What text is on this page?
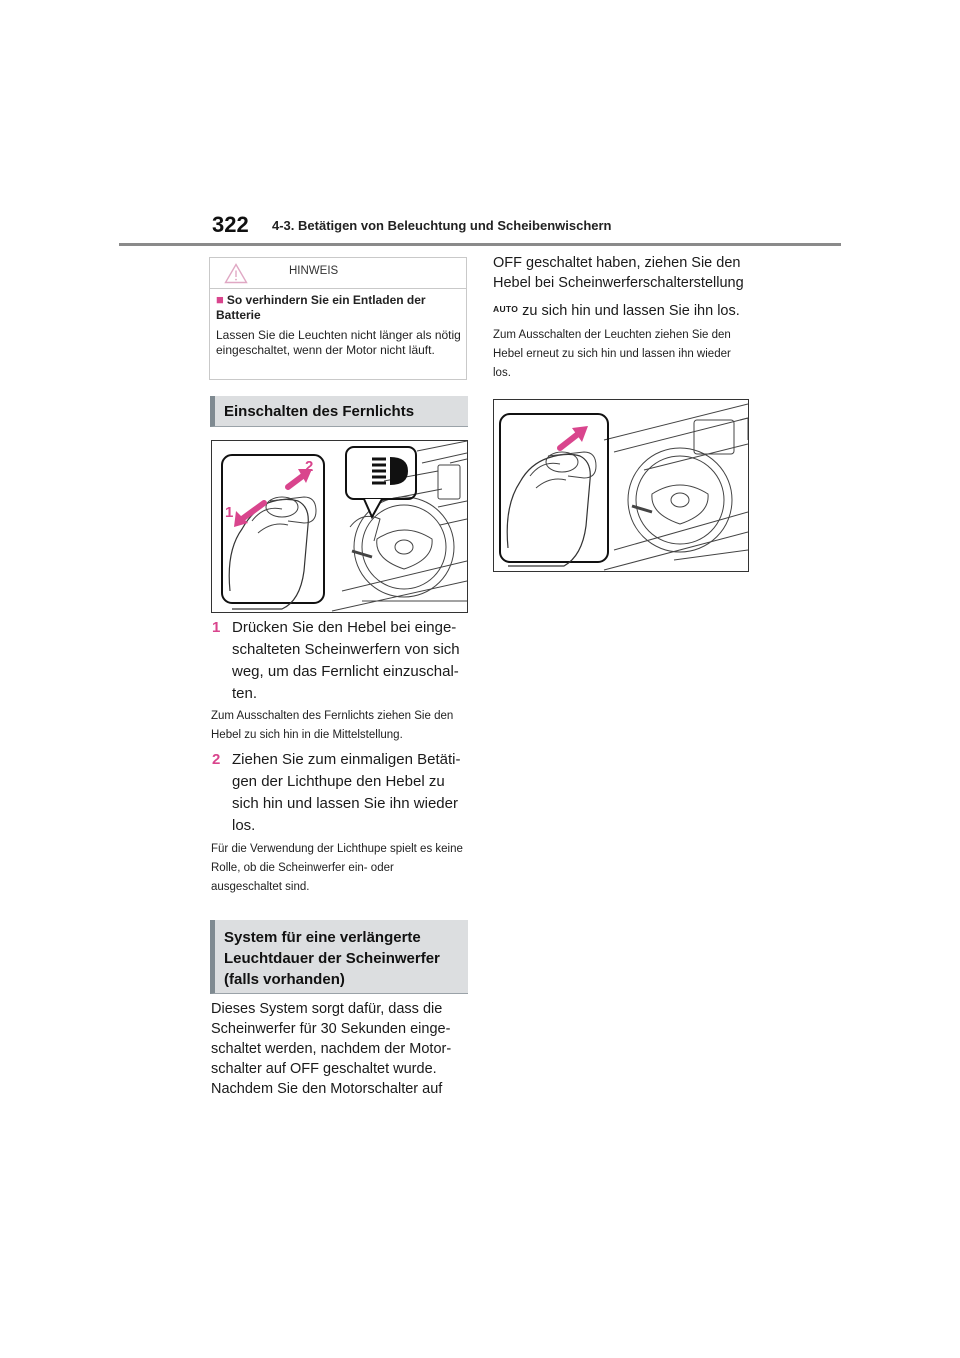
322 4-3. Betätigen von Beleuchtung und Scheibenwischern
HINWEIS
■ So verhindern Sie ein Entladen der Batterie
Lassen Sie die Leuchten nicht länger als nötig eingeschaltet, wenn der Motor nicht läuft.
Einschalten des Fernlichts
2
1
1 Drücken Sie den Hebel bei einge-schalteten Scheinwerfern von sich weg, um das Fernlicht einzuschal-ten.
Zum Ausschalten des Fernlichts ziehen Sie den Hebel zu sich hin in die Mittelstellung.
2 Ziehen Sie zum einmaligen Betäti-gen der Lichthupe den Hebel zu sich hin und lassen Sie ihn wieder los.
Für die Verwendung der Lichthupe spielt es keine Rolle, ob die Scheinwerfer ein- oder ausgeschaltet sind.
System für eine verlängerte Leuchtdauer der Scheinwerfer (falls vorhanden)
Dieses System sorgt dafür, dass die Scheinwerfer für 30 Sekunden einge-schaltet werden, nachdem der Motor-schalter auf OFF geschaltet wurde.
Nachdem Sie den Motorschalter auf
OFF geschaltet haben, ziehen Sie den Hebel bei Scheinwerferschalterstellung
$^{AUTO}$ zu sich hin und lassen Sie ihn los.
Zum Ausschalten der Leuchten ziehen Sie den Hebel erneut zu sich hin und lassen ihn wieder los.
